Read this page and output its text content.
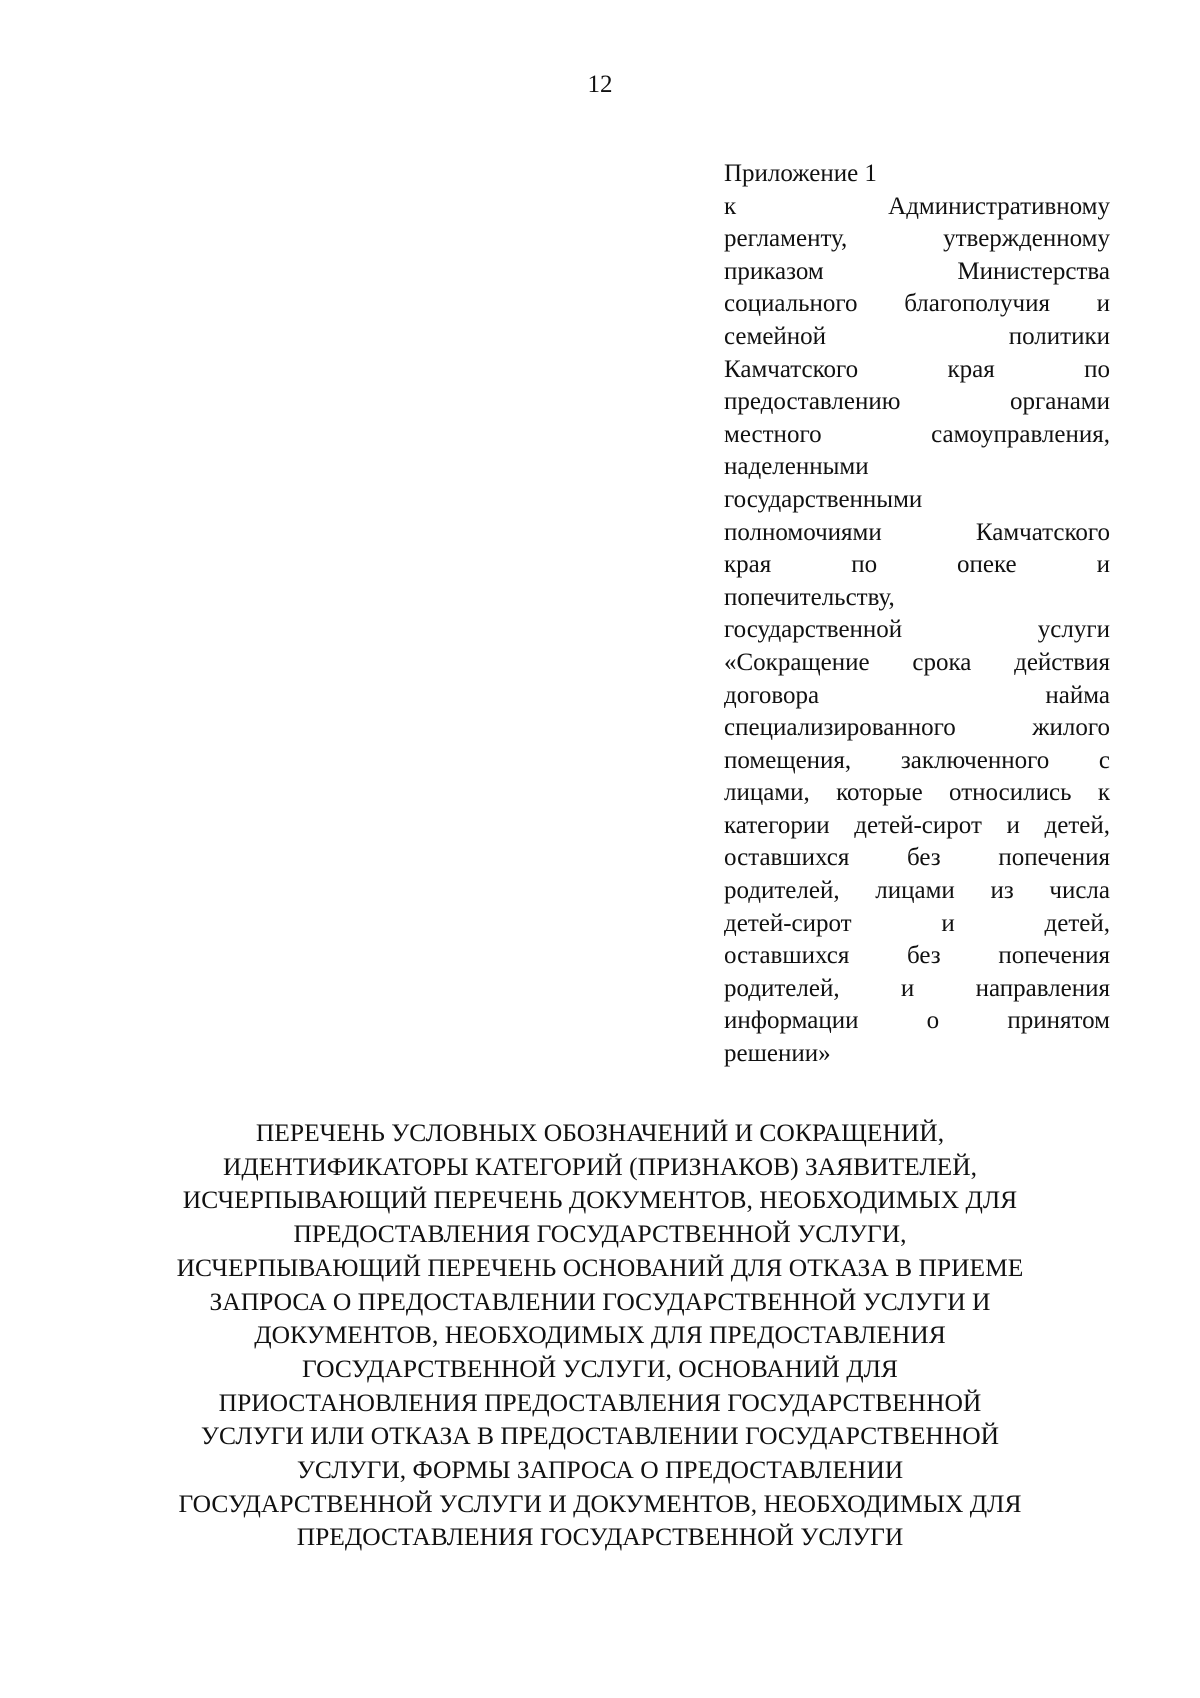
12
Приложение 1
к Административному
регламенту, утвержденному
приказом Министерства
социального благополучия и
семейной политики
Камчатского края по
предоставлению органами
местного самоуправления,
наделенными
государственными
полномочиями Камчатского
края по опеке и
попечительству,
государственной услуги
«Сокращение срока действия
договора найма
специализированного жилого
помещения, заключенного с
лицами, которые относились к
категории детей-сирот и детей,
оставшихся без попечения
родителей, лицами из числа
детей-сирот и детей,
оставшихся без попечения
родителей, и направления
информации о принятом
решении»
ПЕРЕЧЕНЬ УСЛОВНЫХ ОБОЗНАЧЕНИЙ И СОКРАЩЕНИЙ,
ИДЕНТИФИКАТОРЫ КАТЕГОРИЙ (ПРИЗНАКОВ) ЗАЯВИТЕЛЕЙ,
ИСЧЕРПЫВАЮЩИЙ ПЕРЕЧЕНЬ ДОКУМЕНТОВ, НЕОБХОДИМЫХ ДЛЯ
ПРЕДОСТАВЛЕНИЯ ГОСУДАРСТВЕННОЙ УСЛУГИ,
ИСЧЕРПЫВАЮЩИЙ ПЕРЕЧЕНЬ ОСНОВАНИЙ ДЛЯ ОТКАЗА В ПРИЕМЕ
ЗАПРОСА О ПРЕДОСТАВЛЕНИИ ГОСУДАРСТВЕННОЙ УСЛУГИ И
ДОКУМЕНТОВ, НЕОБХОДИМЫХ ДЛЯ ПРЕДОСТАВЛЕНИЯ
ГОСУДАРСТВЕННОЙ УСЛУГИ, ОСНОВАНИЙ ДЛЯ
ПРИОСТАНОВЛЕНИЯ ПРЕДОСТАВЛЕНИЯ ГОСУДАРСТВЕННОЙ
УСЛУГИ ИЛИ ОТКАЗА В ПРЕДОСТАВЛЕНИИ ГОСУДАРСТВЕННОЙ
УСЛУГИ, ФОРМЫ ЗАПРОСА О ПРЕДОСТАВЛЕНИИ
ГОСУДАРСТВЕННОЙ УСЛУГИ И ДОКУМЕНТОВ, НЕОБХОДИМЫХ ДЛЯ
ПРЕДОСТАВЛЕНИЯ ГОСУДАРСТВЕННОЙ УСЛУГИ
